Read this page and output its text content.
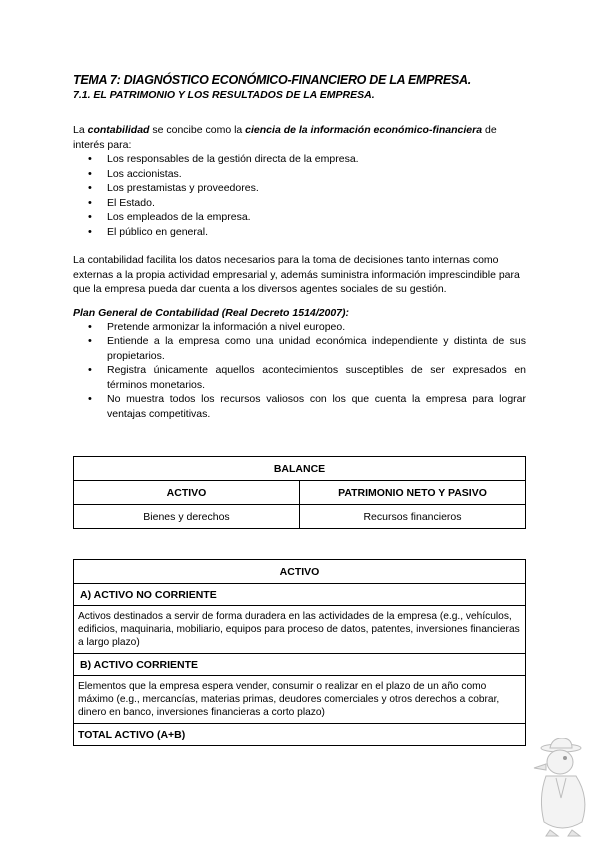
TEMA 7: DIAGNÓSTICO ECONÓMICO-FINANCIERO DE LA EMPRESA.
7.1. EL PATRIMONIO Y LOS RESULTADOS DE LA EMPRESA.

La contabilidad se concibe como la ciencia de la información económico-financiera de interés para:

• Los responsables de la gestión directa de la empresa.
• Los accionistas.
• Los prestamistas y proveedores.
• El Estado.
• Los empleados de la empresa.
• El público en general.

La contabilidad facilita los datos necesarios para la toma de decisiones tanto internas como externas a la propia actividad empresarial y, además suministra información imprescindible para que la empresa pueda dar cuenta a los diversos agentes sociales de su gestión.

Plan General de Contabilidad (Real Decreto 1514/2007):

• Pretende armonizar la información a nivel europeo.
• Entiende a la empresa como una unidad económica independiente y distinta de sus propietarios.
• Registra únicamente aquellos acontecimientos susceptibles de ser expresados en términos monetarios.
• No muestra todos los recursos valiosos con los que cuenta la empresa para lograr ventajas competitivas.
BALANCE	
ACTIVO	PATRIMONIO NETO Y PASIVO
Bienes y derechos	Recursos financieros
ACTIVO
A) ACTIVO NO CORRIENTE
Activos destinados a servir de forma duradera en las actividades de la empresa (e.g., vehículos, edificios, maquinaria, mobiliario, equipos para proceso de datos, patentes, inversiones financieras a largo plazo)
B) ACTIVO CORRIENTE
Elementos que la empresa espera vender, consumir o realizar en el plazo de un año como máximo (e.g., mercancías, materias primas, deudores comerciales y otros derechos a cobrar, dinero en banco, inversiones financieras a corto plazo)
TOTAL ACTIVO (A+B)
